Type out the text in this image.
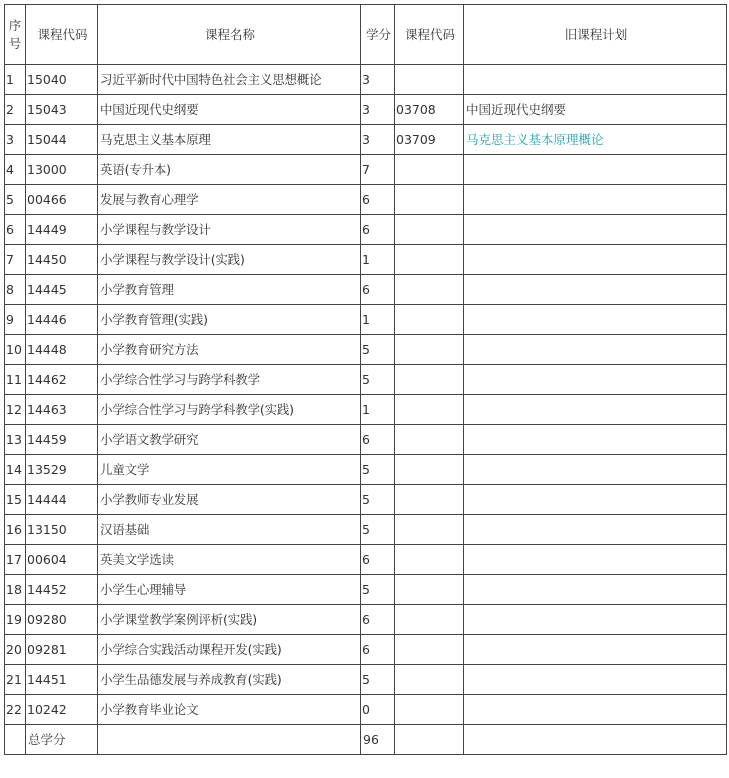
序
号	课程代码	课程名称	学分	课程代码	旧课程计划
1	15040	习近平新时代中国特色社会主义思想概论	3		
2	15043	中国近现代史纲要	3	03708	中国近现代史纲要
3	15044	马克思主义基本原理	3	03709	马克思主义基本原理概论
4	13000	英语(专升本)	7		
5	00466	发展与教育心理学	6		
6	14449	小学课程与教学设计	6		
7	14450	小学课程与教学设计(实践)	1		
8	14445	小学教育管理	6		
9	14446	小学教育管理(实践)	1		
10	14448	小学教育研究方法	5		
11	14462	小学综合性学习与跨学科教学	5		
12	14463	小学综合性学习与跨学科教学(实践)	1		
13	14459	小学语文教学研究	6		
14	13529	儿童文学	5		
15	14444	小学教师专业发展	5		
16	13150	汉语基础	5		
17	00604	英美文学选读	6		
18	14452	小学生心理辅导	5		
19	09280	小学课堂教学案例评析(实践)	6		
20	09281	小学综合实践活动课程开发(实践)	6		
21	14451	小学生品德发展与养成教育(实践)	5		
22	10242	小学教育毕业论文	0		
	总学分		96		
